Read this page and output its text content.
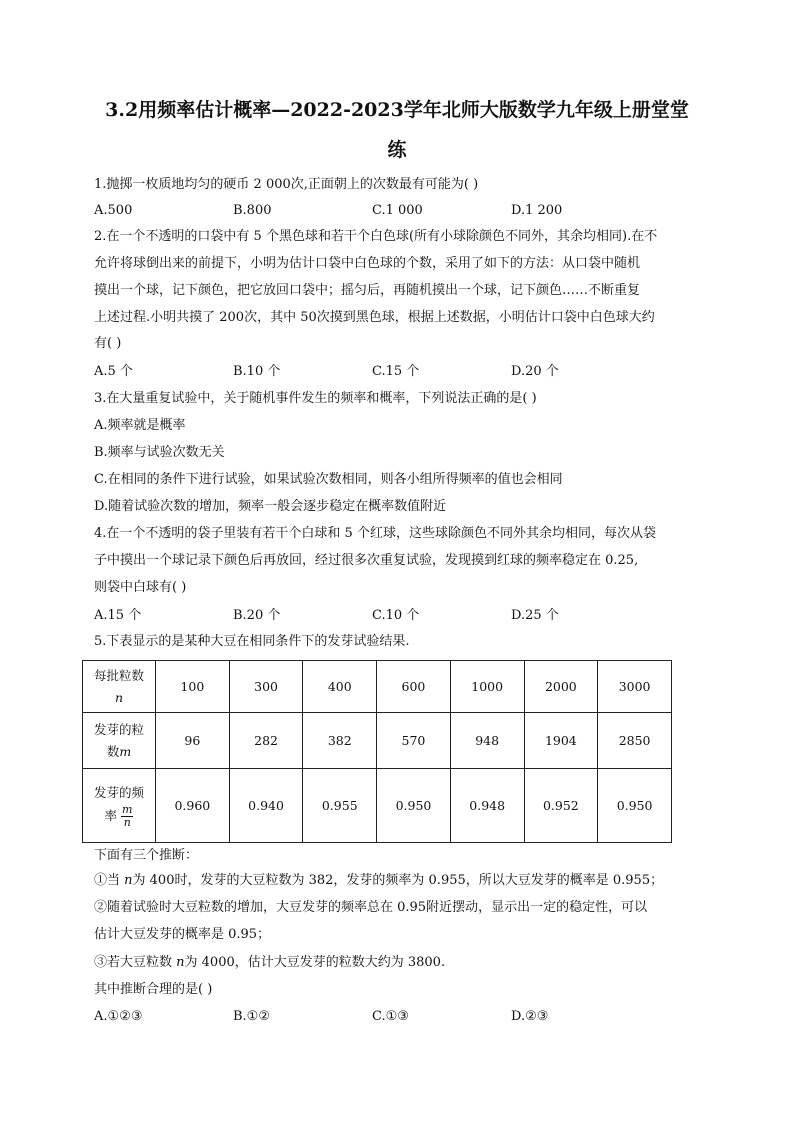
3.2用频率估计概率—2022-2023学年北师大版数学九年级上册堂堂
练
1.抛掷一枚质地均匀的硬币 2 000次,正面朝上的次数最有可能为( )
A.500	B.800	C.1 000	D.1 200
2.在一个不透明的口袋中有 5 个黑色球和若干个白色球(所有小球除颜色不同外，其余均相同).在不
允许将球倒出来的前提下，小明为估计口袋中白色球的个数，采用了如下的方法：从口袋中随机
摸出一个球，记下颜色，把它放回口袋中；摇匀后，再随机摸出一个球，记下颜色……不断重复
上述过程.小明共摸了 200次，其中 50次摸到黑色球，根据上述数据，小明估计口袋中白色球大约
有( )
A.5 个	B.10 个	C.15 个	D.20 个
3.在大量重复试验中，关于随机事件发生的频率和概率，下列说法正确的是( )
A.频率就是概率
B.频率与试验次数无关
C.在相同的条件下进行试验，如果试验次数相同，则各小组所得频率的值也会相同
D.随着试验次数的增加，频率一般会逐步稳定在概率数值附近
4.在一个不透明的袋子里装有若干个白球和 5 个红球，这些球除颜色不同外其余均相同，每次从袋
子中摸出一个球记录下颜色后再放回，经过很多次重复试验，发现摸到红球的频率稳定在 0.25,
则袋中白球有( )
A.15 个	B.20 个	C.10 个	D.25 个
5.下表显示的是某种大豆在相同条件下的发芽试验结果.
每批粒数
n	100	300	400	600	1000	2000	3000
发芽的粒
数m	96	282	382	570	948	1904	2850
发芽的频
率 $\frac{m}{n}$	0.960	0.940	0.955	0.950	0.948	0.952	0.950
下面有三个推断：
①当 n为 400时，发芽的大豆粒数为 382，发芽的频率为 0.955，所以大豆发芽的概率是 0.955；
②随着试验时大豆粒数的增加，大豆发芽的频率总在 0.95附近摆动，显示出一定的稳定性，可以
估计大豆发芽的概率是 0.95；
③若大豆粒数 n为 4000，估计大豆发芽的粒数大约为 3800.
其中推断合理的是( )
A.①②③	B.①②	C.①③	D.②③
